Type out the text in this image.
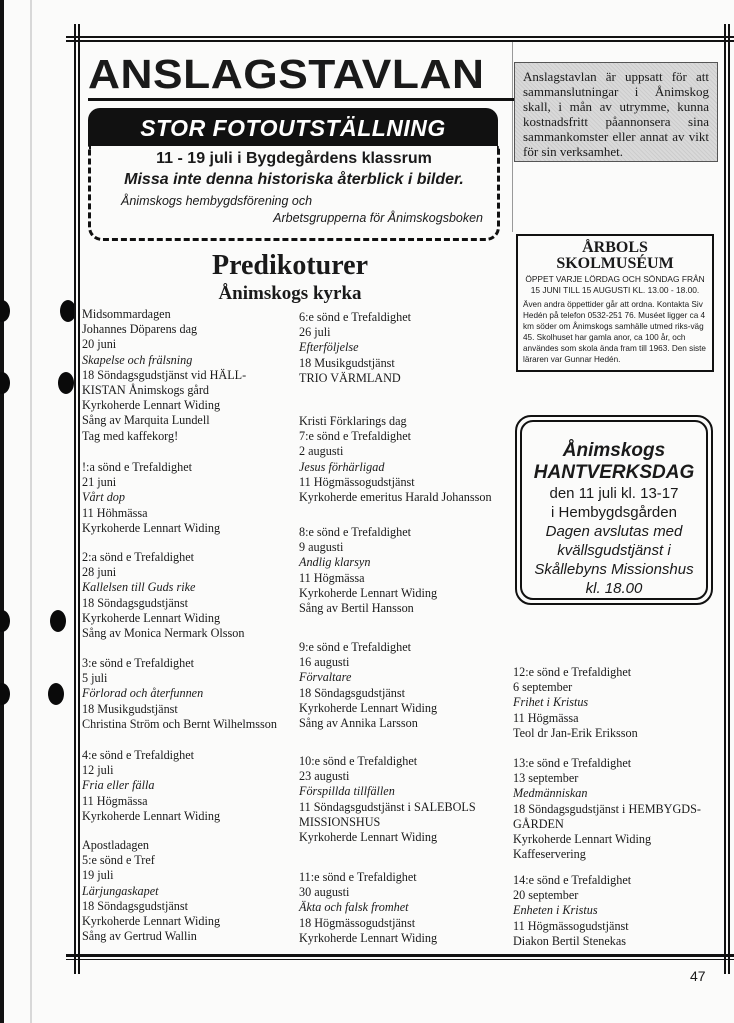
ANSLAGSTAVLAN
STOR FOTOUTSTÄLLNING
11 - 19 juli i Bygdegårdens klassrum
Missa inte denna historiska återblick i bilder.
Ånimskogs hembygdsförening och
Arbetsgrupperna för Ånimskogsboken
Anslagstavlan är uppsatt för att sammanslutningar i Ånimskog skall, i mån av utrymme, kunna kostnadsfritt påannonsera sina sammankomster eller annat av vikt för sin verksamhet.
ÅRBOLS
SKOLMUSÉUM
ÖPPET VARJE LÖRDAG OCH SÖNDAG FRÅN 15 JUNI TILL 15 AUGUSTI KL. 13.00 - 18.00.
Även andra öppettider går att ordna. Kontakta Siv Hedén på telefon 0532-251 76. Muséet ligger ca 4 km söder om Ånimskogs samhälle utmed riks-väg 45. Skolhuset har gamla anor, ca 100 år, och användes som skola ända fram till 1963. Den siste läraren var Gunnar Hedén.
Ånimskogs
HANTVERKSDAG
den 11 juli kl. 13-17
i Hembygdsgården
Dagen avslutas med
kvällsgudstjänst i
Skållebyns Missionshus
kl. 18.00
Predikoturer
Ånimskogs kyrka
Midsommardagen
Johannes Döparens dag
20 juni
Skapelse och frälsning
18 Söndagsgudstjänst vid HÄLL-
KISTAN Ånimskogs gård
Kyrkoherde Lennart Widing
Sång av Marquita Lundell
Tag med kaffekorg!
!:a sönd e Trefaldighet
21 juni
Vårt dop
11 Höhmässa
Kyrkoherde Lennart Widing
2:a sönd e Trefaldighet
28 juni
Kallelsen till Guds rike
18 Söndagsgudstjänst
Kyrkoherde Lennart Widing
Sång av Monica Nermark Olsson
3:e sönd e Trefaldighet
5 juli
Förlorad och återfunnen
18 Musikgudstjänst
Christina Ström och Bernt Wilhelmsson
4:e sönd e Trefaldighet
12 juli
Fria eller fälla
11 Högmässa
Kyrkoherde Lennart Widing
Apostladagen
5:e sönd e Tref
19 juli
Lärjungaskapet
18 Söndagsgudstjänst
Kyrkoherde Lennart Widing
Sång av Gertrud Wallin
6:e sönd e Trefaldighet
26 juli
Efterföljelse
18 Musikgudstjänst
TRIO VÄRMLAND
Kristi Förklarings dag
7:e sönd e Trefaldighet
2 augusti
Jesus förhärligad
11 Högmässogudstjänst
Kyrkoherde emeritus Harald Johansson
8:e sönd e Trefaldighet
9 augusti
Andlig klarsyn
11 Högmässa
Kyrkoherde Lennart Widing
Sång av Bertil Hansson
9:e sönd e Trefaldighet
16 augusti
Förvaltare
18 Söndagsgudstjänst
Kyrkoherde Lennart Widing
Sång av Annika Larsson
10:e sönd e Trefaldighet
23 augusti
Förspillda tillfällen
11 Söndagsgudstjänst i SALEBOLS
MISSIONSHUS
Kyrkoherde Lennart Widing
11:e sönd e Trefaldighet
30 augusti
Äkta och falsk fromhet
18 Högmässogudstjänst
Kyrkoherde Lennart Widing
12:e sönd e Trefaldighet
6 september
Frihet i Kristus
11 Högmässa
Teol dr Jan-Erik Eriksson
13:e sönd e Trefaldighet
13 september
Medmänniskan
18 Söndagsgudstjänst i HEMBYGDS-
GÅRDEN
Kyrkoherde Lennart Widing
Kaffeservering
14:e sönd e Trefaldighet
20 september
Enheten i Kristus
11 Högmässogudstjänst
Diakon Bertil Stenekas
47
